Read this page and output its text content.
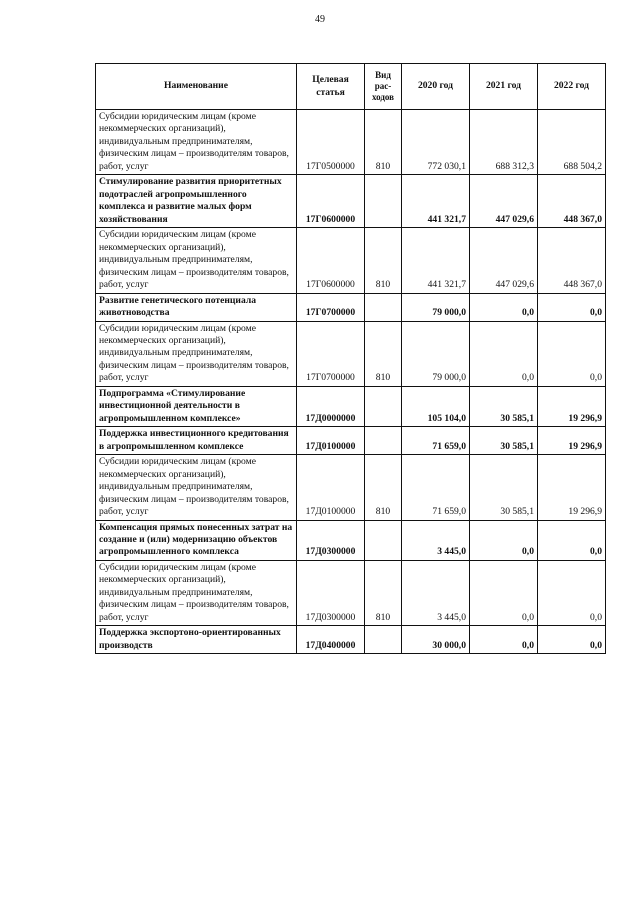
49
Наименование	Целевая статья	Вид рас-ходов	2020 год	2021 год	2022 год
Субсидии юридическим лицам (кроме некоммерческих организаций), индивидуальным предпринимателям, физическим лицам – производителям товаров, работ, услуг	17Г0500000	810	772 030,1	688 312,3	688 504,2
Стимулирование развития приоритетных подотраслей агропромышленного комплекса и развитие малых форм хозяйствования	17Г0600000		441 321,7	447 029,6	448 367,0
Субсидии юридическим лицам (кроме некоммерческих организаций), индивидуальным предпринимателям, физическим лицам – производителям товаров, работ, услуг	17Г0600000	810	441 321,7	447 029,6	448 367,0
Развитие генетического потенциала животноводства	17Г0700000		79 000,0	0,0	0,0
Субсидии юридическим лицам (кроме некоммерческих организаций), индивидуальным предпринимателям, физическим лицам – производителям товаров, работ, услуг	17Г0700000	810	79 000,0	0,0	0,0
Подпрограмма «Стимулирование инвестиционной деятельности в агропромышленном комплексе»	17Д0000000		105 104,0	30 585,1	19 296,9
Поддержка инвестиционного кредитования в агропромышленном комплексе	17Д0100000		71 659,0	30 585,1	19 296,9
Субсидии юридическим лицам (кроме некоммерческих организаций), индивидуальным предпринимателям, физическим лицам – производителям товаров, работ, услуг	17Д0100000	810	71 659,0	30 585,1	19 296,9
Компенсация прямых понесенных затрат на создание и (или) модернизацию объектов агропромышленного комплекса	17Д0300000		3 445,0	0,0	0,0
Субсидии юридическим лицам (кроме некоммерческих организаций), индивидуальным предпринимателям, физическим лицам – производителям товаров, работ, услуг	17Д0300000	810	3 445,0	0,0	0,0
Поддержка экспортоно-ориентированных производств	17Д0400000		30 000,0	0,0	0,0
